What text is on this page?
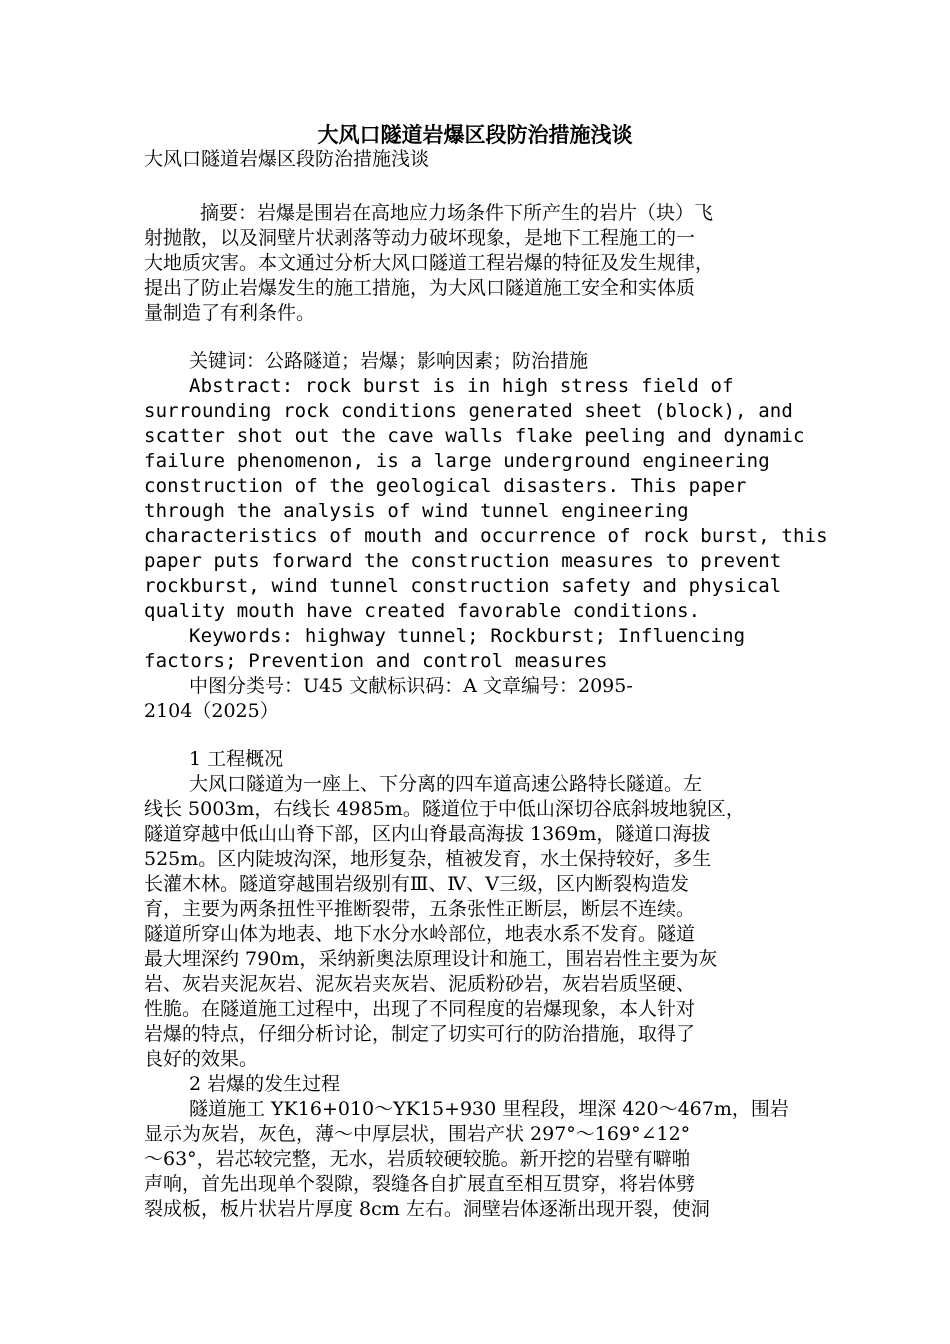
大风口隧道岩爆区段防治措施浅谈
大风口隧道岩爆区段防治措施浅谈
摘要：岩爆是围岩在高地应力场条件下所产生的岩片（块）飞
射抛散，以及洞壁片状剥落等动力破坏现象，是地下工程施工的一
大地质灾害。本文通过分析大风口隧道工程岩爆的特征及发生规律，
提出了防止岩爆发生的施工措施，为大风口隧道施工安全和实体质
量制造了有利条件。
关键词：公路隧道；岩爆；影响因素；防治措施
Abstract: rock burst is in high stress field of
surrounding rock conditions generated sheet (block), and
scatter shot out the cave walls flake peeling and dynamic
failure phenomenon, is a large underground engineering
construction of the geological disasters. This paper
through the analysis of wind tunnel engineering
characteristics of mouth and occurrence of rock burst, this
paper puts forward the construction measures to prevent
rockburst, wind tunnel construction safety and physical
quality mouth have created favorable conditions.
Keywords: highway tunnel; Rockburst; Influencing
factors; Prevention and control measures
中图分类号：U45 文献标识码：A 文章编号：2095-
2104（2025）
1 工程概况
大风口隧道为一座上、下分离的四车道高速公路特长隧道。左
线长 5003m，右线长 4985m。隧道位于中低山深切谷底斜坡地貌区，
隧道穿越中低山山脊下部，区内山脊最高海拔 1369m，隧道口海拔
525m。区内陡坡沟深，地形复杂，植被发育，水土保持较好，多生
长灌木林。隧道穿越围岩级别有Ⅲ、Ⅳ、Ⅴ三级，区内断裂构造发
育，主要为两条扭性平推断裂带，五条张性正断层，断层不连续。
隧道所穿山体为地表、地下水分水岭部位，地表水系不发育。隧道
最大埋深约 790m，采纳新奥法原理设计和施工，围岩岩性主要为灰
岩、灰岩夹泥灰岩、泥灰岩夹灰岩、泥质粉砂岩，灰岩岩质坚硬、
性脆。在隧道施工过程中，出现了不同程度的岩爆现象，本人针对
岩爆的特点，仔细分析讨论，制定了切实可行的防治措施，取得了
良好的效果。
2 岩爆的发生过程
隧道施工 YK16+010～YK15+930 里程段，埋深 420～467m，围岩
显示为灰岩，灰色，薄～中厚层状，围岩产状 297°～169°∠12°
～63°，岩芯较完整，无水，岩质较硬较脆。新开挖的岩壁有噼啪
声响，首先出现单个裂隙，裂缝各自扩展直至相互贯穿，将岩体劈
裂成板，板片状岩片厚度 8cm 左右。洞壁岩体逐渐出现开裂，使洞
